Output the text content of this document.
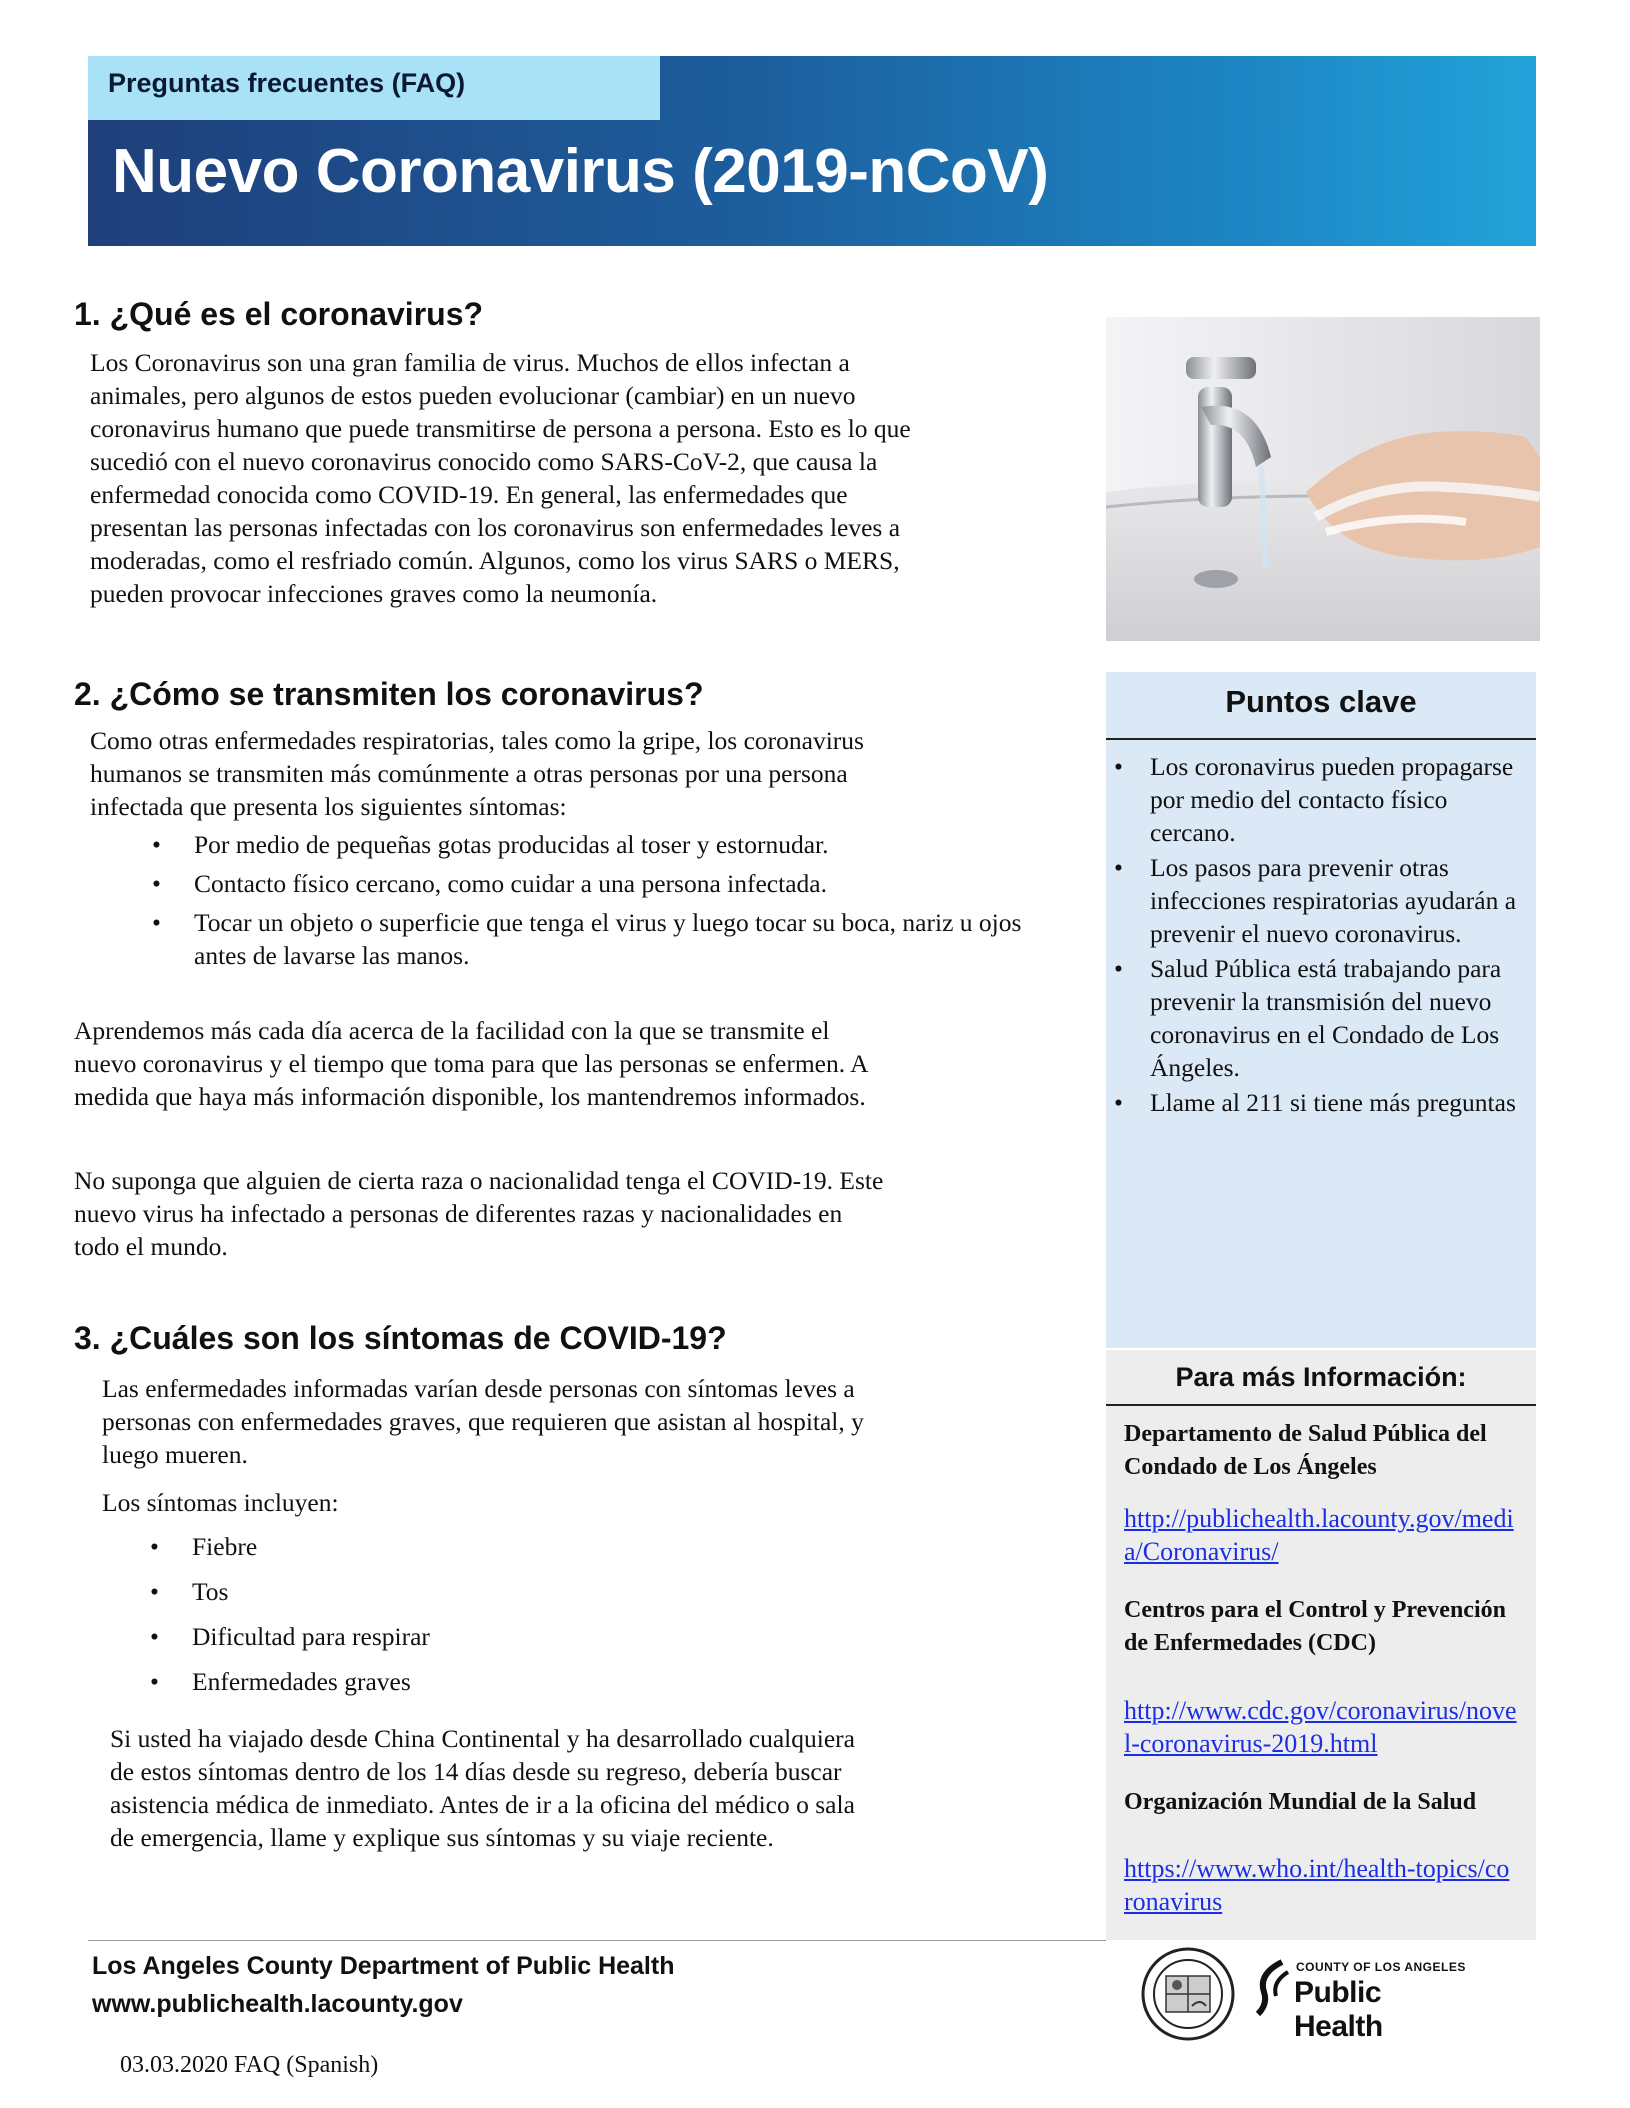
Preguntas frecuentes (FAQ)
Nuevo Coronavirus (2019-nCoV)
1. ¿Qué es el coronavirus?
Los Coronavirus son una gran familia de virus. Muchos de ellos infectan a
animales, pero algunos de estos pueden evolucionar (cambiar) en un nuevo
coronavirus humano que puede transmitirse de persona a persona. Esto es lo que
sucedió con el nuevo coronavirus conocido como SARS-CoV-2, que causa la
enfermedad conocida como COVID-19. En general, las enfermedades que
presentan las personas infectadas con los coronavirus son enfermedades leves a
moderadas, como el resfriado común. Algunos, como los virus SARS o MERS,
pueden provocar infecciones graves como la neumonía.
2. ¿Cómo se transmiten los coronavirus?
Como otras enfermedades respiratorias, tales como la gripe, los coronavirus
humanos se transmiten más comúnmente a otras personas por una persona
infectada que presenta los siguientes síntomas:
• Por medio de pequeñas gotas producidas al toser y estornudar.
• Contacto físico cercano, como cuidar a una persona infectada.
• Tocar un objeto o superficie que tenga el virus y luego tocar su boca, nariz u ojos antes de lavarse las manos.
Aprendemos más cada día acerca de la facilidad con la que se transmite el
nuevo coronavirus y el tiempo que toma para que las personas se enfermen. A
medida que haya más información disponible, los mantendremos informados.
No suponga que alguien de cierta raza o nacionalidad tenga el COVID-19. Este
nuevo virus ha infectado a personas de diferentes razas y nacionalidades en
todo el mundo.
3. ¿Cuáles son los síntomas de COVID-19?
Las enfermedades informadas varían desde personas con síntomas leves a
personas con enfermedades graves, que requieren que asistan al hospital, y
luego mueren.
Los síntomas incluyen:
• Fiebre
• Tos
• Dificultad para respirar
• Enfermedades graves
Si usted ha viajado desde China Continental y ha desarrollado cualquiera
de estos síntomas dentro de los 14 días desde su regreso, debería buscar
asistencia médica de inmediato. Antes de ir a la oficina del médico o sala
de emergencia, llame y explique sus síntomas y su viaje reciente.
Puntos clave
• Los coronavirus pueden propagarse por medio del contacto físico cercano.
• Los pasos para prevenir otras infecciones respiratorias ayudarán a prevenir el nuevo coronavirus.
• Salud Pública está trabajando para prevenir la transmisión del nuevo coronavirus en el Condado de Los Ángeles.
• Llame al 211 si tiene más preguntas
Para más Información:
Departamento de Salud Pública del Condado de Los Ángeles
http://publichealth.lacounty.gov/media/Coronavirus/
Centros para el Control y Prevención de Enfermedades (CDC)
http://www.cdc.gov/coronavirus/novel-coronavirus-2019.html
Organización Mundial de la Salud
https://www.who.int/health-topics/coronavirus
Los Angeles County Department of Public Health
www.publichealth.lacounty.gov
03.03.2020 FAQ (Spanish)
COUNTY OF LOS ANGELES
Public Health
